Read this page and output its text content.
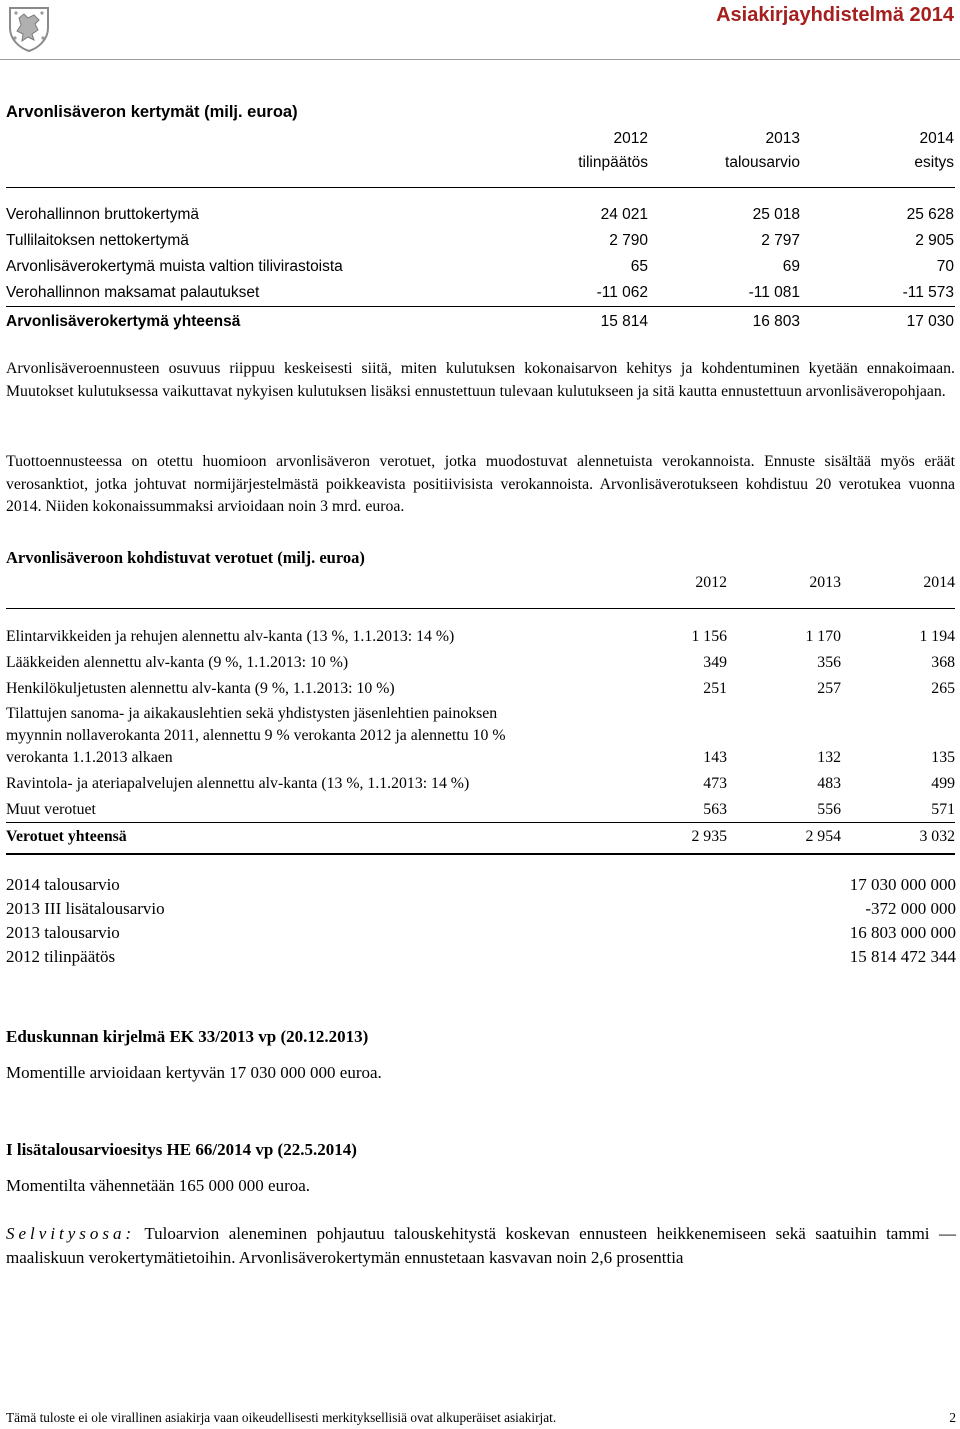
Asiakirjayhdistelmä 2014
Arvonlisäveron kertymät (milj. euroa)
2012	2013	2014
tilinpäätös	talousarvio	esitys
Verohallinnon bruttokertymä	24 021	25 018	25 628
Tullilaitoksen nettokertymä	2 790	2 797	2 905
Arvonlisäverokertymä muista valtion tilivirastoista	65	69	70
Verohallinnon maksamat palautukset	-11 062	-11 081	-11 573
Arvonlisäverokertymä yhteensä	15 814	16 803	17 030
Arvonlisäveroennusteen osuvuus riippuu keskeisesti siitä, miten kulutuksen kokonaisarvon kehitys ja kohdentuminen kyetään ennakoimaan. Muutokset kulutuksessa vaikuttavat nykyisen kulutuksen lisäksi ennustettuun tulevaan kulutukseen ja sitä kautta ennustettuun arvonlisäveropohjaan.
Tuottoennusteessa on otettu huomioon arvonlisäveron verotuet, jotka muodostuvat alennetuista verokannoista. Ennuste sisältää myös eräät verosanktiot, jotka johtuvat normijärjestelmästä poikkeavista positiivisista verokannoista. Arvonlisäverotukseen kohdistuu 20 verotukea vuonna 2014. Niiden kokonaissummaksi arvioidaan noin 3 mrd. euroa.
Arvonlisäveroon kohdistuvat verotuet (milj. euroa)
2012	2013	2014
Elintarvikkeiden ja rehujen alennettu alv-kanta (13 %, 1.1.2013: 14 %)	1 156	1 170	1 194
Lääkkeiden alennettu alv-kanta (9 %, 1.1.2013: 10 %)	349	356	368
Henkilökuljetusten alennettu alv-kanta (9 %, 1.1.2013: 10 %)	251	257	265
Tilattujen sanoma- ja aikakauslehtien sekä yhdistysten jäsenlehtien painoksen
myynnin nollaverokanta 2011, alennettu 9 % verokanta 2012 ja alennettu 10 %
verokanta 1.1.2013 alkaen	143	132	135
Ravintola- ja ateriapalvelujen alennettu alv-kanta (13 %, 1.1.2013: 14 %)	473	483	499
Muut verotuet	563	556	571
Verotuet yhteensä	2 935	2 954	3 032
2014 talousarvio	17 030 000 000
2013 III lisätalousarvio	-372 000 000
2013 talousarvio	16 803 000 000
2012 tilinpäätös	15 814 472 344
Eduskunnan kirjelmä EK 33/2013 vp (20.12.2013)
Momentille arvioidaan kertyvän 17 030 000 000 euroa.
I lisätalousarvioesitys HE 66/2014 vp (22.5.2014)
Momentilta vähennetään 165 000 000 euroa.
Selvitysosa: Tuloarvion aleneminen pohjautuu talouskehitystä koskevan ennusteen heikkenemiseen sekä saatuihin tammi —maaliskuun verokertymätietoihin. Arvonlisäverokertymän ennustetaan kasvavan noin 2,6 prosenttia
Tämä tuloste ei ole virallinen asiakirja vaan oikeudellisesti merkityksellisiä ovat alkuperäiset asiakirjat.	2
